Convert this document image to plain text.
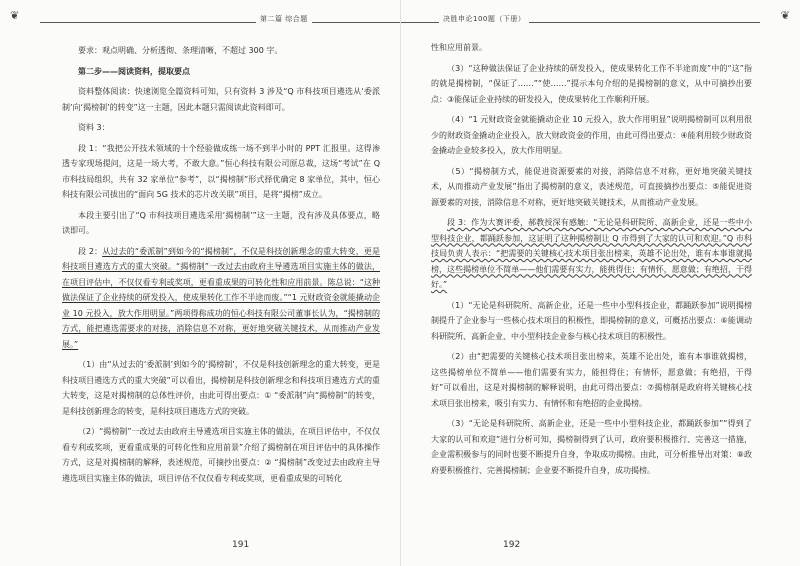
❦	第二篇 综合题

要求：观点明确、分析透彻、条理清晰，不超过 300 字。

第二步——阅读资料，提取要点

资料整体阅读：快速浏览全篇资料可知，只有资料 3 涉及“Q 市科技项目遴选从‘委派制’向‘揭榜制’的转变”这一主题，因此本题只需阅读此资料即可。

资料 3：

段 1：“我把公开技术领域的十个经验做成练一场不到半小时的 PPT 汇报里。这得渗透专家现场提问，这是一场大考，不敢大意。”恒心科技有限公司原总裁，这场“考试”在 Q 市科技局组织，共有 32 家单位“参考”，以“揭榜制”形式择优确定 8 家单位，其中，恒心科技有限公司拔出的“面向 5G 技术的芯片改关联”项目，是将“揭榜”成立。

本段主要引出了“Q 市科技项目遴选采用‘揭榜制’”这一主题，没有涉及具体要点，略读即可。

段 2：从过去的“委派制”到如今的“揭榜制”，不仅是科技创新理念的重大转变，更是科技项目遴选方式的重大突破。“揭榜制”一改过去由政府主导遴选项目实施主体的做法，在项目评估中，不仅仅看专利或奖项，更看重成果的可转化性和应用前景。陈总说：“这种做法保证了企业持续的研发投入，使成果转化工作不半途而废。”“1 元财政资金就能撬动企业 10 元投入，放大作用明显。”两项得称成功的恒心科技有限公司董事长认为，“揭榜制的方式，能把遴选需要求的对接，消除信息不对称，更好地突破关键技术，从而推动产业发展。”

（1）由“从过去的‘委派制’到如今的‘揭榜制’，不仅是科技创新理念的重大转变，更是科技项目遴选方式的重大突破”可以看出，揭榜制是科技创新理念和科技项目遴选方式的重大转变，这是对揭榜制的总体性评价，由此可得出要点：① “委派制”向“揭榜制”的转变，是科技创新理念的转变，是科技项目遴选方式的突破。

（2）“揭榜制”一改过去由政府主导遴选项目实施主体的做法，在项目评估中，不仅仅看专利或奖项，更看重成果的可转化性和应用前景”介绍了揭榜制在项目评估中的具体操作方式，这是对揭榜制的解释，表述规范，可摘抄出要点：② “揭榜制”改变过去由政府主导遴选项目实施主体的做法，项目评估不仅仅看专利或奖项，更看重成果的可转化

191
❦
决胜申论100题（下册）

性和应用前景。

（3）“这种做法保证了企业持续的研发投入，使成果转化工作不半途而废”中的“这”指的就是揭榜制，“保证了……”“使……”提示本句介绍的是揭榜制的意义，从中可摘抄出要点：③能保证企业持续的研发投入，使成果转化工作顺利开展。

（4）“1 元财政资金就能撬动企业 10 元投入，放大作用明显”说明揭榜制可以利用很少的财政资金撬动企业投入，放大财政资金的作用，由此可得出要点：④能利用较少财政资金撬动企业较多投入，放大作用明显。

（5）“揭榜制方式，能促进资源要素的对接，消除信息不对称，更好地突破关键技术，从而推动产业发展”指出了揭榜制的意义，表述规范，可直接摘抄出要点：⑤能促进资源要素的对接，消除信息不对称，更好地突破关键技术，从而推动产业发展。

段 3：作为大赛评委，郝教授深有感触：“无论是科研院所、高新企业，还是一些中小型科技企业，都踊跃参加，这证明了这种揭榜制让 Q 市得到了大家的认可和欢迎。”Q 市科技局负责人表示：“把需要的关键核心技术项目张出榜来，英雄不论出处，谁有本事谁就揭榜，这些揭榜单位不简单——他们需要有实力，能挑得住；有情怀，愿意做；有绝招，干得好。”

（1）“无论是科研院所、高新企业，还是一些中小型科技企业，都踊跃参加”说明揭榜制提升了企业参与一些核心技术项目的积极性，即揭榜制的意义，可概括出要点：⑥能调动科研院所、高新企业、中小型科技企业参与核心技术项目的积极性。

（2）由“把需要的关键核心技术项目张出榜来，英雄不论出处，谁有本事谁就揭榜，这些揭榜单位不简单——他们需要有实力，能担得住；有情怀，愿意做；有绝招，干得好”可以看出，这是对揭榜制的解释说明，由此可得出要点：⑦揭榜制是政府将关键核心技术项目张出榜来，吸引有实力、有情怀和有绝招的企业揭榜。

（3）“无论是科研院所、高新企业，还是一些中小型科技企业，都踊跃参加”“得到了大家的认可和欢迎”进行分析可知，揭榜制得到了认可，政府要积极推行、完善这一措施，企业需积极参与的同时也要不断提升自身，争取成功揭榜。由此，可分析推导出对策：⑧政府要积极推行、完善揭榜制；企业要不断提升自身，成功揭榜。

192
